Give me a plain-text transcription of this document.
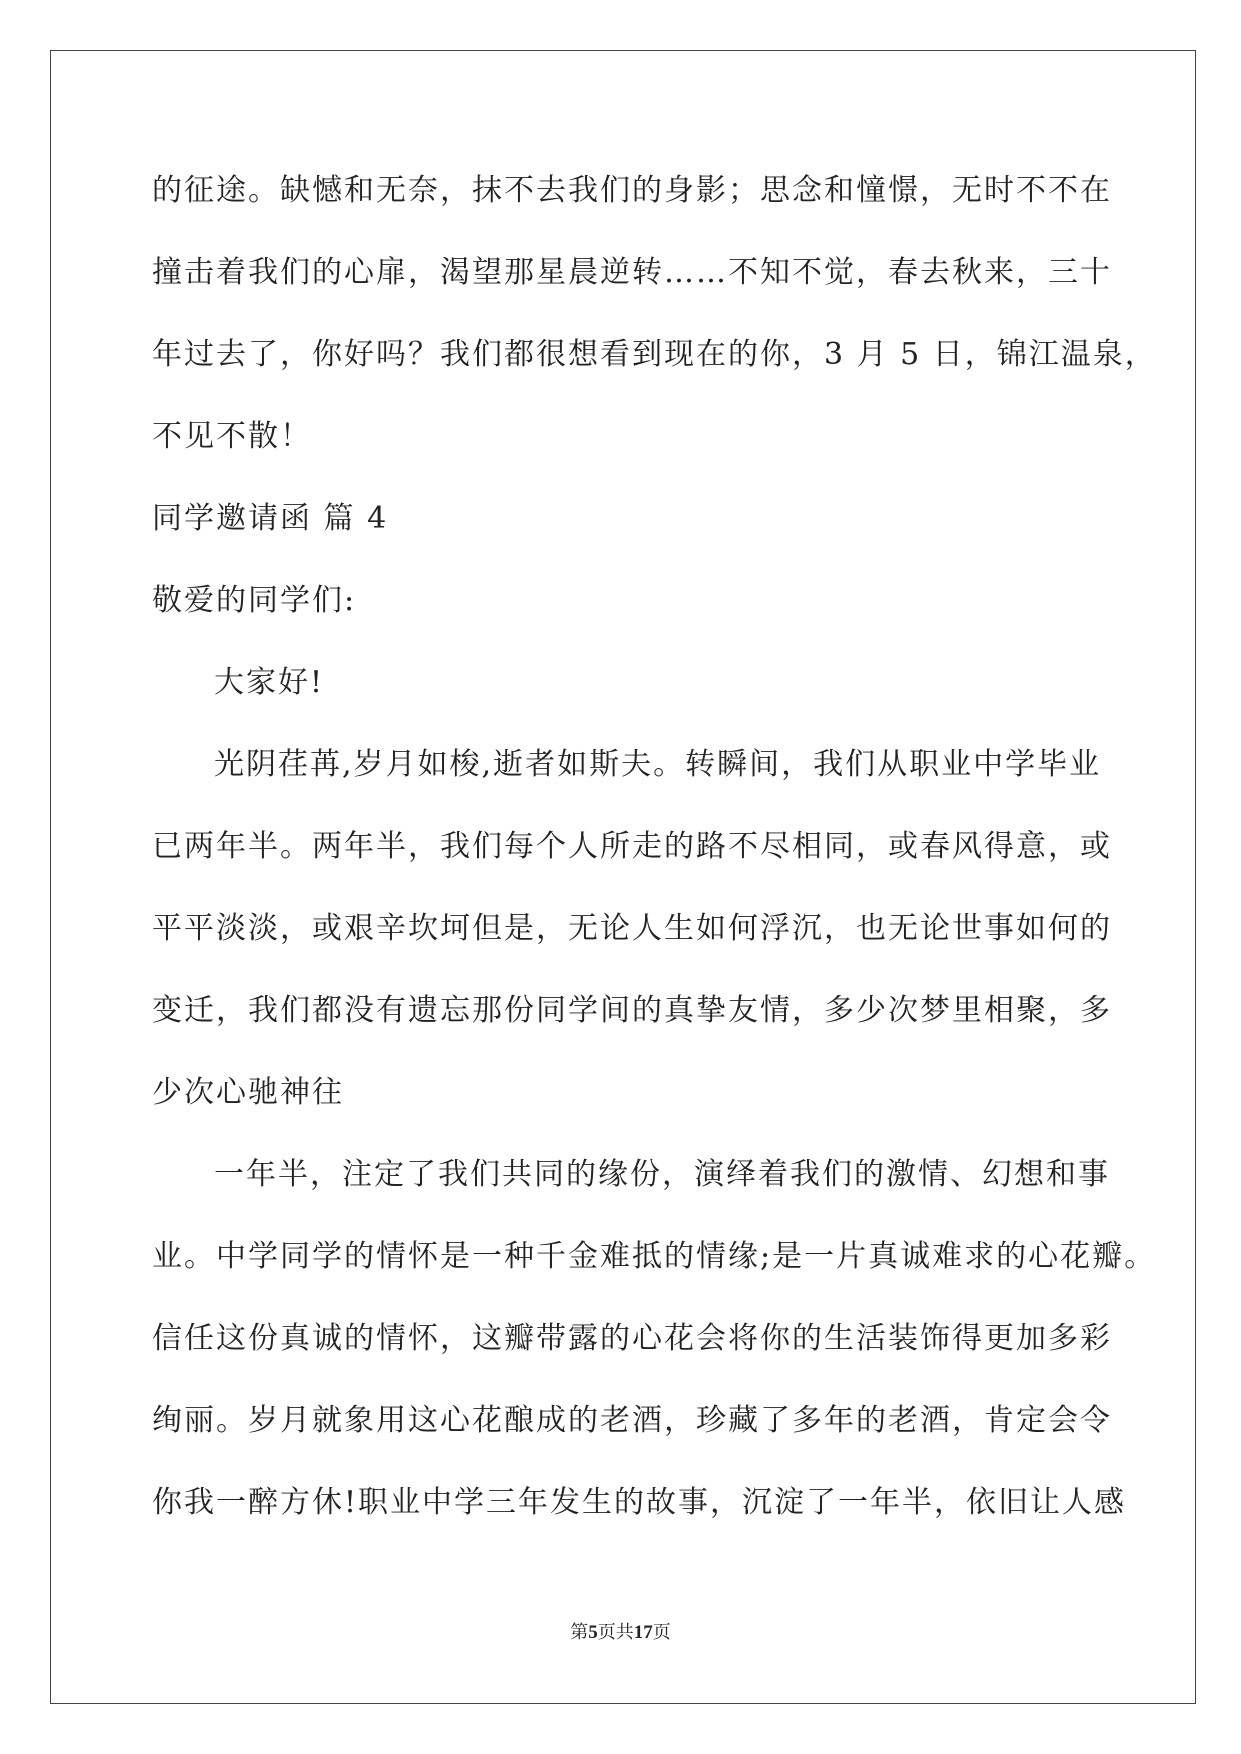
的征途。缺憾和无奈，抹不去我们的身影；思念和憧憬，无时不不在
撞击着我们的心扉，渴望那星晨逆转……不知不觉，春去秋来，三十
年过去了，你好吗？我们都很想看到现在的你，3 月 5 日，锦江温泉，
不见不散！
同学邀请函 篇 4
敬爱的同学们:
大家好!
光阴荏苒,岁月如梭,逝者如斯夫。转瞬间，我们从职业中学毕业
已两年半。两年半，我们每个人所走的路不尽相同，或春风得意，或
平平淡淡，或艰辛坎坷但是，无论人生如何浮沉，也无论世事如何的
变迁，我们都没有遗忘那份同学间的真挚友情，多少次梦里相聚，多
少次心驰神往
一年半，注定了我们共同的缘份，演绎着我们的激情、幻想和事
业。中学同学的情怀是一种千金难抵的情缘;是一片真诚难求的心花瓣。
信任这份真诚的情怀，这瓣带露的心花会将你的生活装饰得更加多彩
绚丽。岁月就象用这心花酿成的老酒，珍藏了多年的老酒，肯定会令
你我一醉方休!职业中学三年发生的故事，沉淀了一年半，依旧让人感
第5页共17页
